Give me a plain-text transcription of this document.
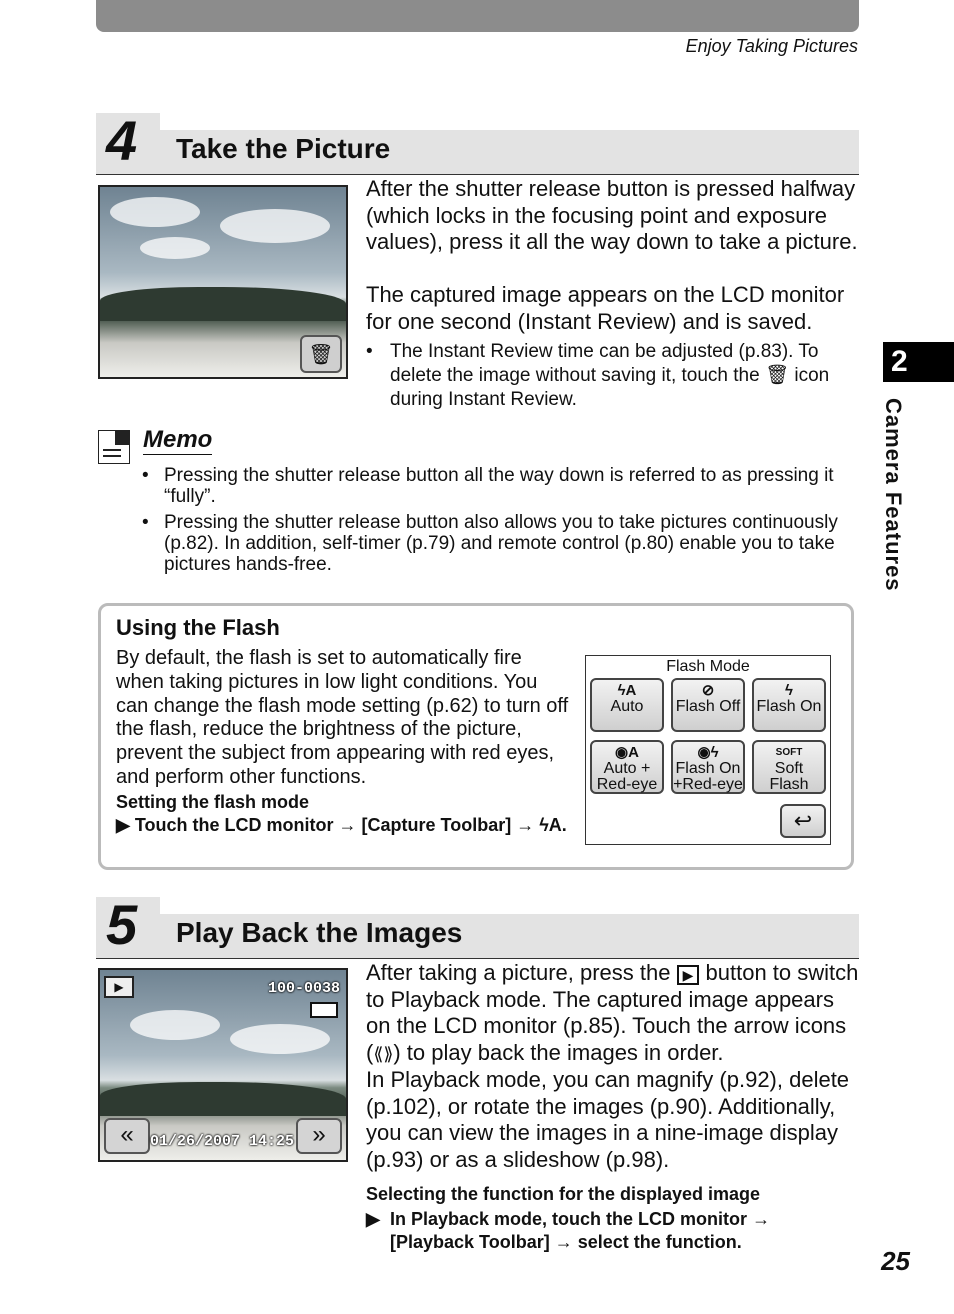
Enjoy Taking Pictures
2
Camera Features
4 Take the Picture
🗑
After the shutter release button is pressed halfway (which locks in the focusing point and exposure values), press it all the way down to take a picture.
The captured image appears on the LCD monitor for one second (Instant Review) and is saved.
• The Instant Review time can be adjusted (p.83). To delete the image without saving it, touch the 🗑 icon during Instant Review.
Memo
• Pressing the shutter release button all the way down is referred to as pressing it “fully”.
• Pressing the shutter release button also allows you to take pictures continuously (p.82). In addition, self-timer (p.79) and remote control (p.80) enable you to take pictures hands-free.
Using the Flash
By default, the flash is set to automatically fire when taking pictures in low light conditions. You can change the flash mode setting (p.62) to turn off the flash, reduce the brightness of the picture, prevent the subject from appearing with red eyes, and perform other functions.
Setting the flash mode
▶ Touch the LCD monitor → [Capture Toolbar] → ϟA.
Flash Mode
ϟA
Auto
⊘
Flash Off
ϟ
Flash On
◉A
Auto + Red-eye
◉ϟ
Flash On +Red-eye
SOFT
Soft Flash
↩
5 Play Back the Images
▶	100-0038
«	»
01/26/2007 14:25
After taking a picture, press the ▶ button to switch to Playback mode. The captured image appears on the LCD monitor (p.85). Touch the arrow icons (⟪⟫) to play back the images in order.
In Playback mode, you can magnify (p.92), delete (p.102), or rotate the images (p.90). Additionally, you can view the images in a nine-image display (p.93) or as a slideshow (p.98).
Selecting the function for the displayed image
▶ In Playback mode, touch the LCD monitor → [Playback Toolbar] → select the function.
25
